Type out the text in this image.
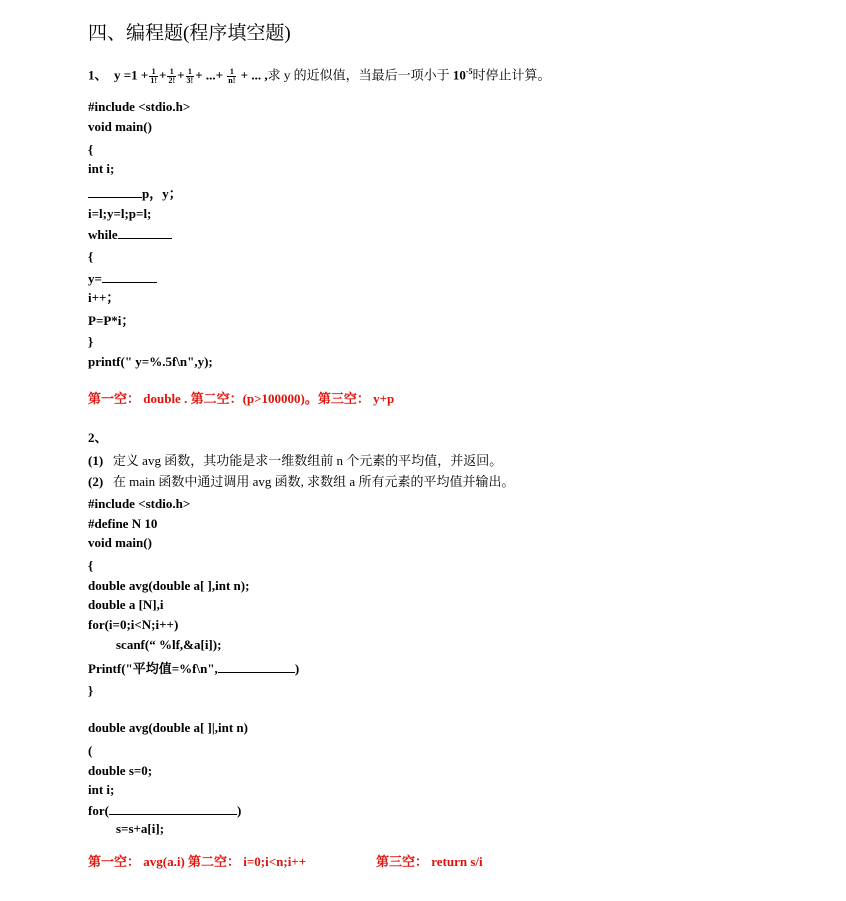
四、编程题(程序填空题)
1、 $y =1 + \frac{1}{1!} + \frac{1}{2!} + \frac{1}{3!}$ + ...+ $\frac{1}{n!}$ + ... ,求 y 的近似值，当最后一项小于 $10^{-5}$时停止计算。
#include <stdio.h>
void main()
{
int i;
p，y；
i=l;y=l;p=l;
while
{
y=
i++；
P=P*i；
}
printf(" y=%.5f\n",y);
第一空： double . 第二空：(p>100000)。第三空： y+p
2、
(1) 定义 avg 函数，其功能是求一维数组前 n 个元素的平均值，并返回。
(2) 在 main 函数中通过调用 avg 函数, 求数组 a 所有元素的平均值并输出。
#include <stdio.h>
#define N 10
void main()
{
double avg(double a[ ],int n);
double a [N],i
for(i=0;i<N;i++)
scanf(“ %lf,&a[i]);
Printf("平均值=%f\n",	)
}
double avg(double a[ ]|,int n)
(
double s=0;
int i;
for(	)
s=s+a[i];
第一空： avg(a.i) 第二空： i=0;i<n;i++	第三空： return s/i
